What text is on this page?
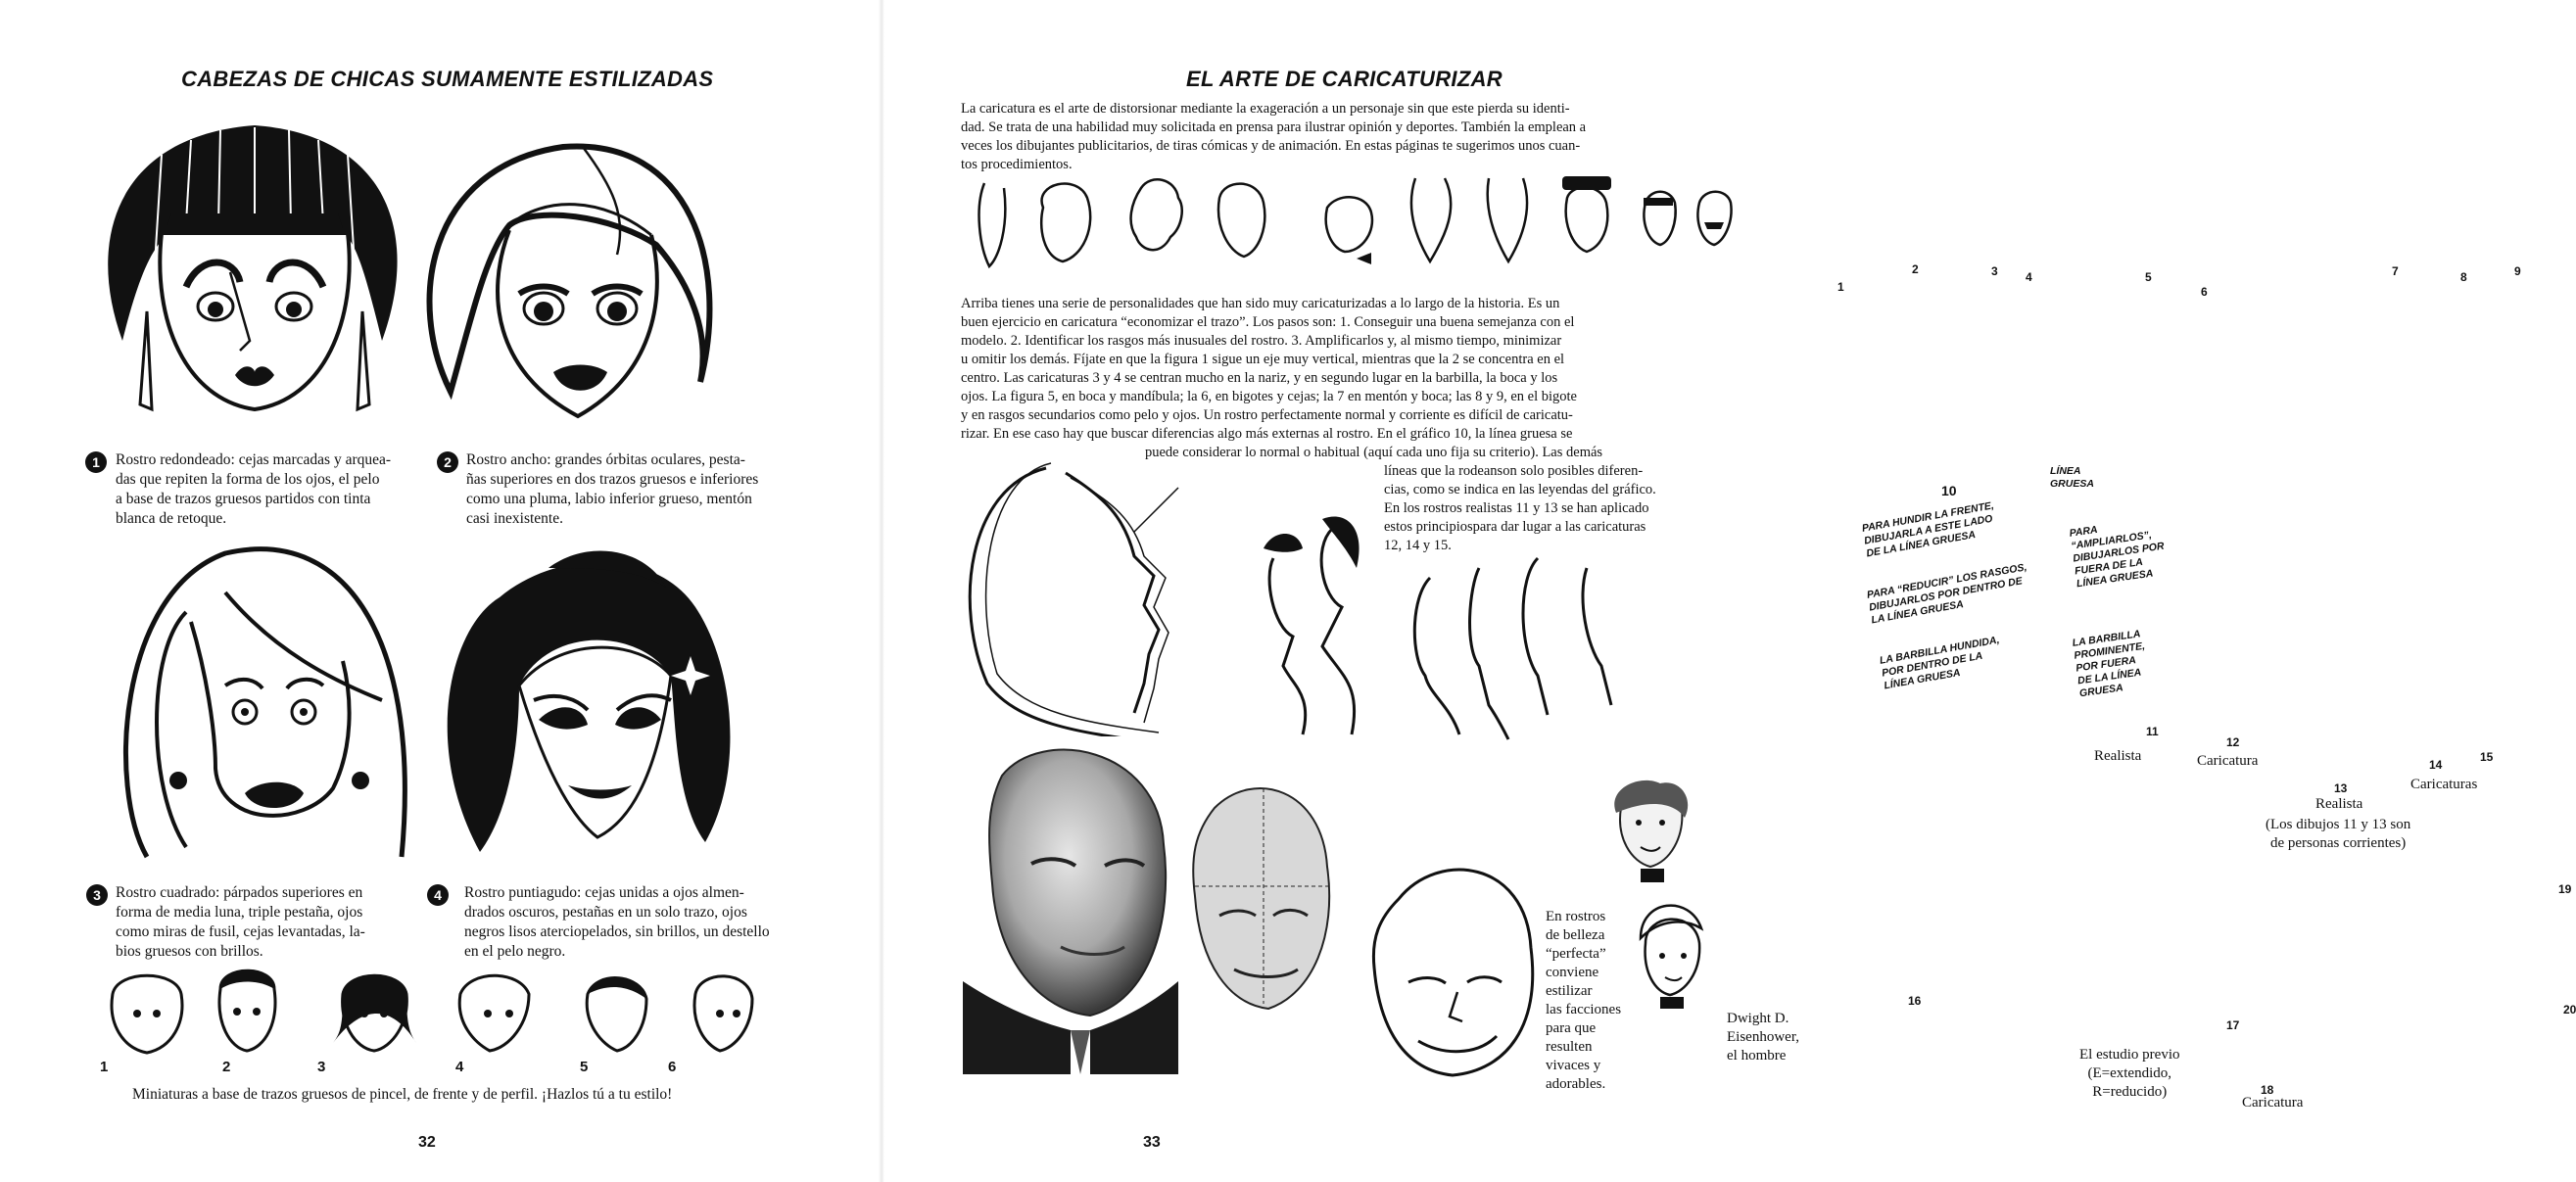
CABEZAS DE CHICAS SUMAMENTE ESTILIZADAS
1	Rostro redondeado: cejas marcadas y arquea-
das que repiten la forma de los ojos, el pelo
a base de trazos gruesos partidos con tinta
blanca de retoque.
2 Rostro ancho: grandes órbitas oculares, pesta-
ñas superiores en dos trazos gruesos e inferiores
como una pluma, labio inferior grueso, mentón
casi inexistente.
3 Rostro cuadrado: párpados superiores en
forma de media luna, triple pestaña, ojos
como miras de fusil, cejas levantadas, la-
bios gruesos con brillos.
4	Rostro puntiagudo: cejas unidas a ojos almen-
drados oscuros, pestañas en un solo trazo, ojos
negros lisos aterciopelados, sin brillos, un destello
en el pelo negro.
1	2	3	4	5	6
Miniaturas a base de trazos gruesos de pincel, de frente y de perfil. ¡Hazlos tú a tu estilo!
32
EL ARTE DE CARICATURIZAR
La caricatura es el arte de distorsionar mediante la exageración a un personaje sin que este pierda su identi-
dad. Se trata de una habilidad muy solicitada en prensa para ilustrar opinión y deportes. También la emplean a
veces los dibujantes publicitarios, de tiras cómicas y de animación. En estas páginas te sugerimos unos cuan-
tos procedimientos.
1
2	3 4	5
6
7	8	9
Arriba tienes una serie de personalidades que han sido muy caricaturizadas a lo largo de la historia. Es un
buen ejercicio en caricatura “economizar el trazo”. Los pasos son: 1. Conseguir una buena semejanza con el
modelo. 2. Identificar los rasgos más inusuales del rostro. 3. Amplificarlos y, al mismo tiempo, minimizar
u omitir los demás. Fíjate en que la figura 1 sigue un eje muy vertical, mientras que la 2 se concentra en el
centro. Las caricaturas 3 y 4 se centran mucho en la nariz, y en segundo lugar en la barbilla, la boca y los
ojos. La figura 5, en boca y mandíbula; la 6, en bigotes y cejas; la 7 en mentón y boca; las 8 y 9, en el bigote
y en rasgos secundarios como pelo y ojos. Un rostro perfectamente normal y corriente es difícil de caricatu-
rizar. En ese caso hay que buscar diferencias algo más externas al rostro. En el gráfico 10, la línea gruesa se
puede considerar lo normal o habitual (aquí cada uno fija su criterio). Las demás
líneas que la rodeanson solo posibles diferen-
cias, como se indica en las leyendas del gráfico.
En los rostros realistas 11 y 13 se han aplicado
estos principiospara dar lugar a las caricaturas
12, 14 y 15.
10
LÍNEA GRUESA
PARA HUNDIR LA FRENTE,
DIBUJARLA A ESTE LADO
DE LA LÍNEA GRUESA
PARA “REDUCIR” LOS RASGOS,
DIBUJARLOS POR DENTRO DE
LA LÍNEA GRUESA
LA BARBILLA HUNDIDA,
POR DENTRO DE LA
LÍNEA GRUESA
PARA
“AMPLIARLOS”,
DIBUJARLOS POR
FUERA DE LA
LÍNEA GRUESA
LA BARBILLA
PROMINENTE,
POR FUERA
DE LA LÍNEA
GRUESA
11
12
13
14
15
Realista	Caricatura
Realista
Caricaturas
(Los dibujos 11 y 13 son
de personas corrientes)
16
Dwight D. Eisenhower, el hombre
17
El estudio previo
(E=extendido,
R=reducido)	18
Caricatura
19
20
En rostros
de belleza
“perfecta”
conviene
estilizar
las facciones
para que
resulten
vivaces y
adorables.
33
